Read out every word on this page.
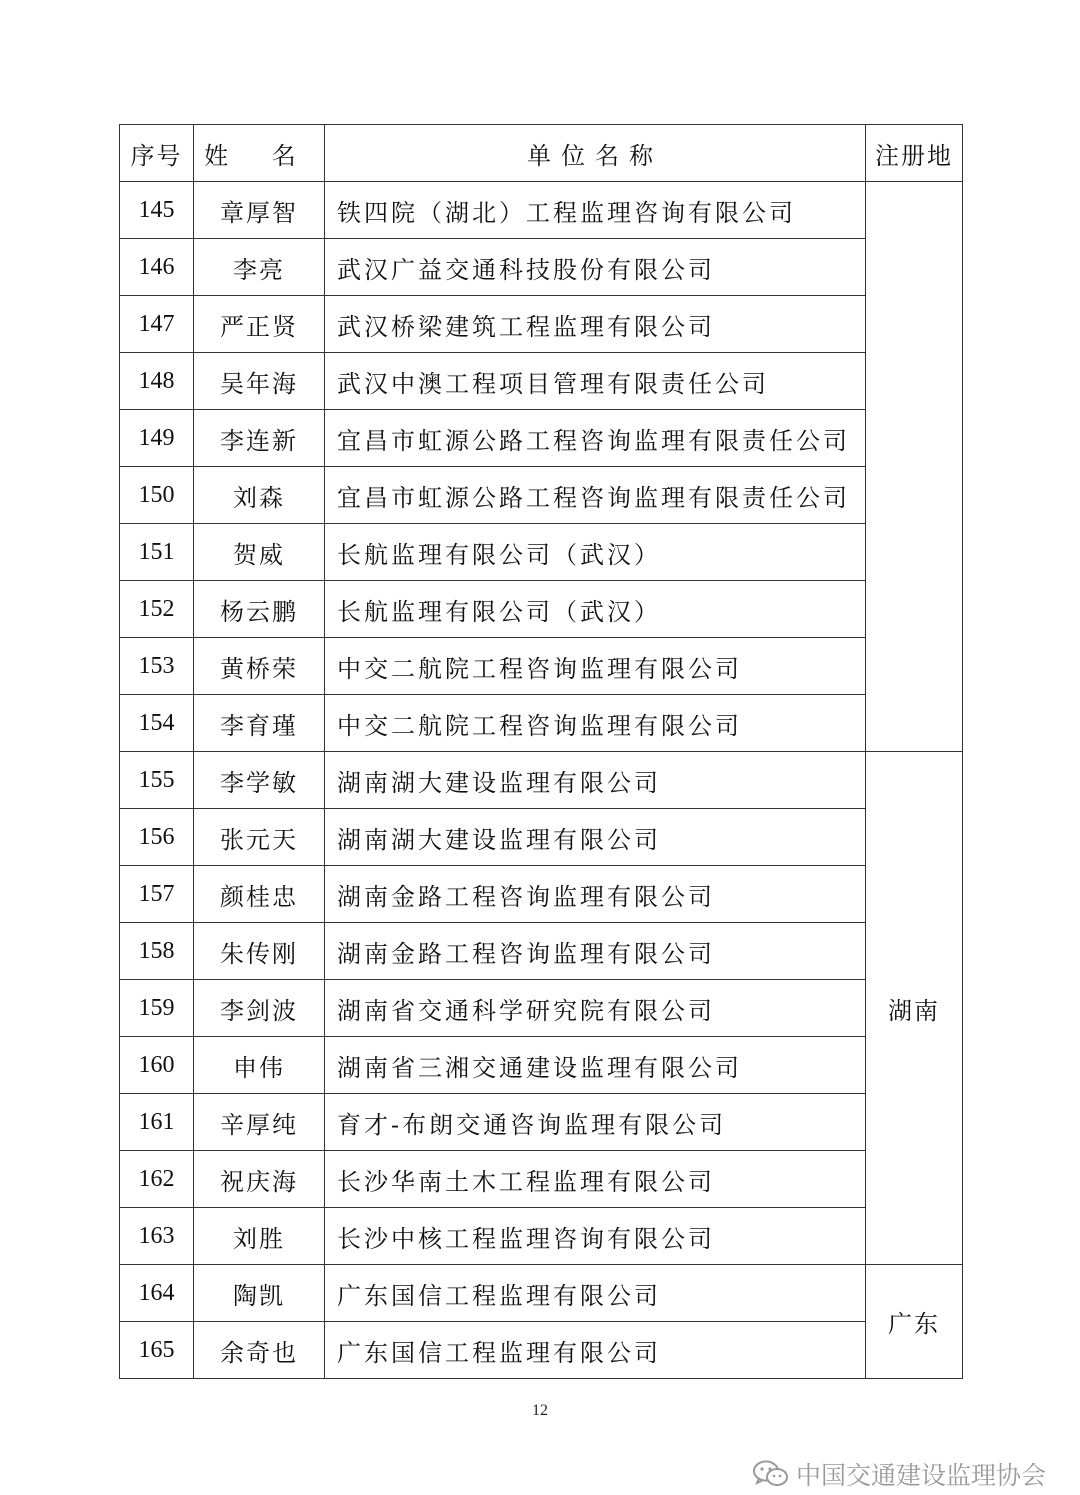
序号	姓 名	单位名称	注册地
145	章厚智	铁四院（湖北）工程监理咨询有限公司	
146	李亮	武汉广益交通科技股份有限公司	
147	严正贤	武汉桥梁建筑工程监理有限公司	
148	吴年海	武汉中澳工程项目管理有限责任公司	
149	李连新	宜昌市虹源公路工程咨询监理有限责任公司	
150	刘森	宜昌市虹源公路工程咨询监理有限责任公司	
151	贺威	长航监理有限公司（武汉）	
152	杨云鹏	长航监理有限公司（武汉）	
153	黄桥荣	中交二航院工程咨询监理有限公司	
154	李育瑾	中交二航院工程咨询监理有限公司	
155	李学敏	湖南湖大建设监理有限公司	湖南
156	张元天	湖南湖大建设监理有限公司	
157	颜桂忠	湖南金路工程咨询监理有限公司	
158	朱传刚	湖南金路工程咨询监理有限公司	
159	李剑波	湖南省交通科学研究院有限公司	
160	申伟	湖南省三湘交通建设监理有限公司	
161	辛厚纯	育才-布朗交通咨询监理有限公司	
162	祝庆海	长沙华南土木工程监理有限公司	
163	刘胜	长沙中核工程监理咨询有限公司	
164	陶凯	广东国信工程监理有限公司	广东
165	余奇也	广东国信工程监理有限公司	
12
中国交通建设监理协会
